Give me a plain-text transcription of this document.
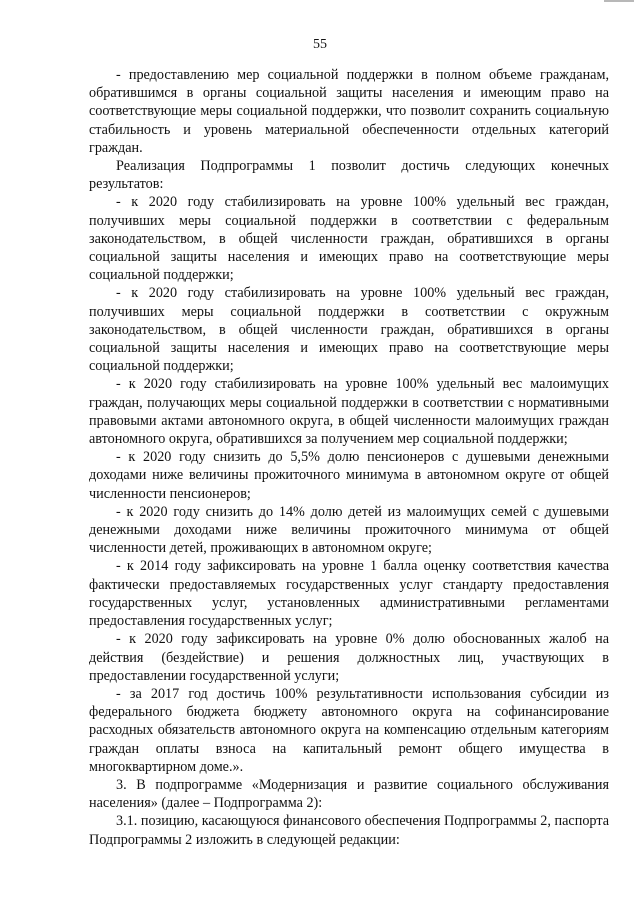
55

- предоставлению мер социальной поддержки в полном объеме гражданам, обратившимся в органы социальной защиты населения и имеющим право на соответствующие меры социальной поддержки, что позволит сохранить социальную стабильность и уровень материальной обеспеченности отдельных категорий граждан.

Реализация Подпрограммы 1 позволит достичь следующих конечных результатов:

- к 2020 году стабилизировать на уровне 100% удельный вес граждан, получивших меры социальной поддержки в соответствии с федеральным законодательством, в общей численности граждан, обратившихся в органы социальной защиты населения и имеющих право на соответствующие меры социальной поддержки;

- к 2020 году стабилизировать на уровне 100% удельный вес граждан, получивших меры социальной поддержки в соответствии с окружным законодательством, в общей численности граждан, обратившихся в органы социальной защиты населения и имеющих право на соответствующие меры социальной поддержки;

- к 2020 году стабилизировать на уровне 100% удельный вес малоимущих граждан, получающих меры социальной поддержки в соответствии с нормативными правовыми актами автономного округа, в общей численности малоимущих граждан автономного округа, обратившихся за получением мер социальной поддержки;

- к 2020 году снизить до 5,5% долю пенсионеров с душевыми денежными доходами ниже величины прожиточного минимума в автономном округе от общей численности пенсионеров;

- к 2020 году снизить до 14% долю детей из малоимущих семей с душевыми денежными доходами ниже величины прожиточного минимума от общей численности детей, проживающих в автономном округе;

- к 2014 году зафиксировать на уровне 1 балла оценку соответствия качества фактически предоставляемых государственных услуг стандарту предоставления государственных услуг, установленных административными регламентами предоставления государственных услуг;

- к 2020 году зафиксировать на уровне 0% долю обоснованных жалоб на действия (бездействие) и решения должностных лиц, участвующих в предоставлении государственной услуги;

- за 2017 год достичь 100% результативности использования субсидии из федерального бюджета бюджету автономного округа на софинансирование расходных обязательств автономного округа на компенсацию отдельным категориям граждан оплаты взноса на капитальный ремонт общего имущества в многоквартирном доме.».

3. В подпрограмме «Модернизация и развитие социального обслуживания населения» (далее – Подпрограмма 2):

3.1. позицию, касающуюся финансового обеспечения Подпрограммы 2, паспорта Подпрограммы 2 изложить в следующей редакции:
